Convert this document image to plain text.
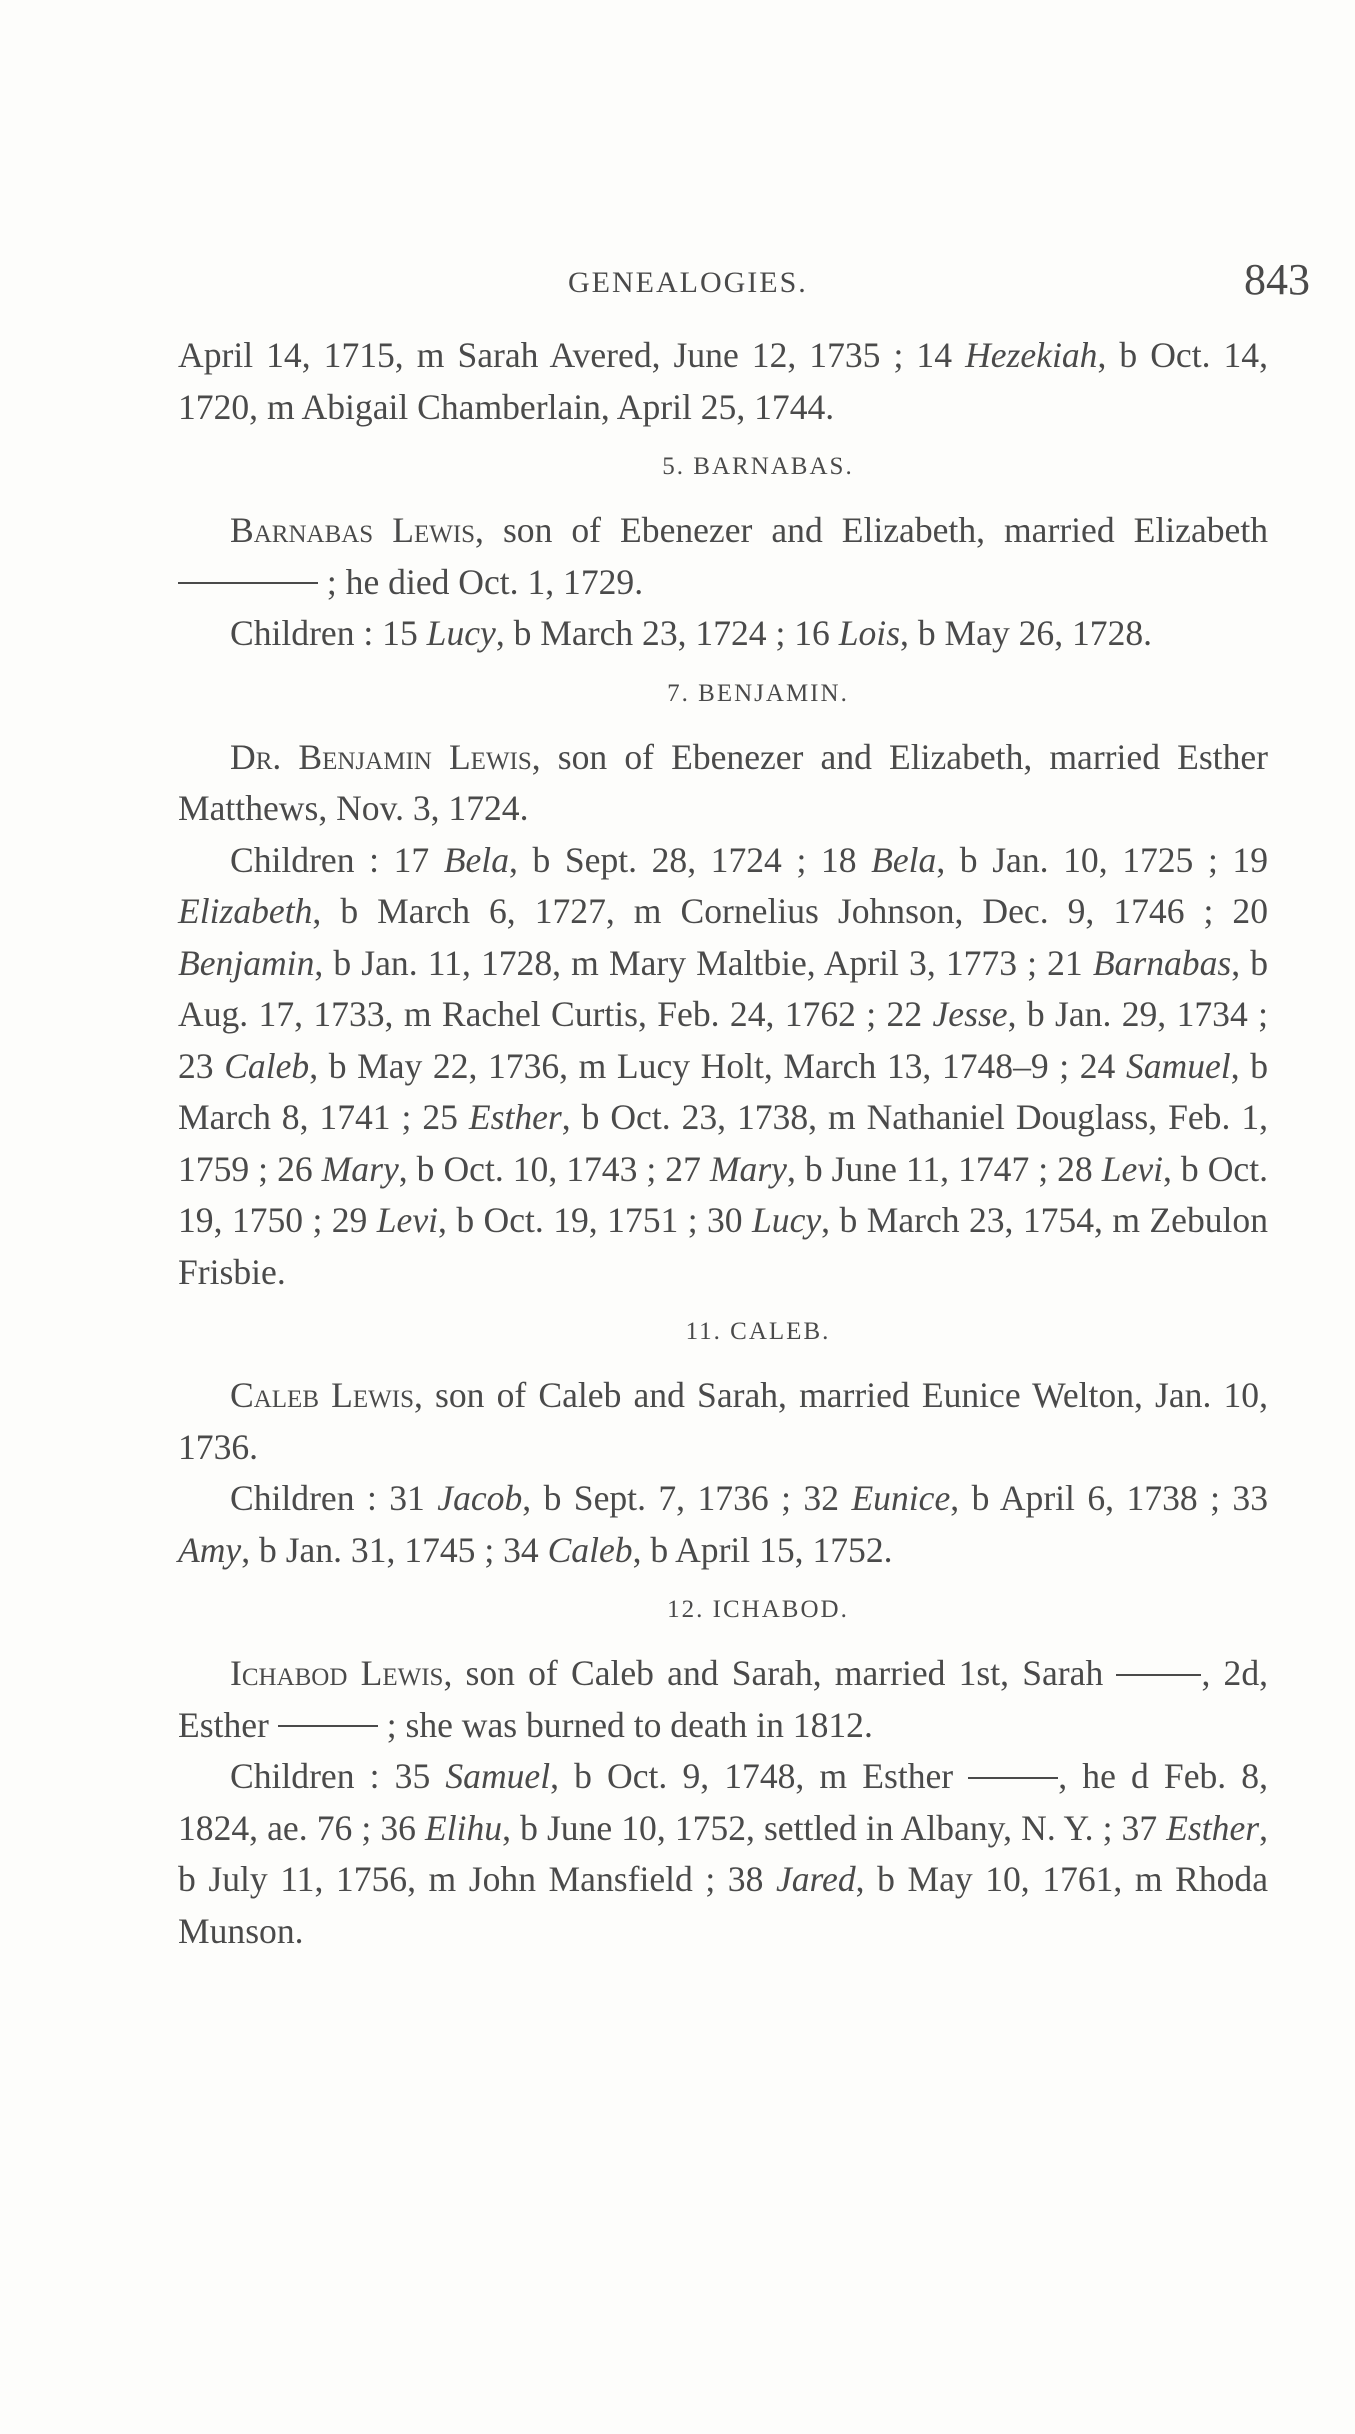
GENEALOGIES.	843

April 14, 1715, m Sarah Avered, June 12, 1735 ; 14 Hezekiah, b Oct. 14, 1720, m Abigail Chamberlain, April 25, 1744.

5. BARNABAS.

Barnabas Lewis, son of Ebenezer and Elizabeth, married Elizabeth  ; he died Oct. 1, 1729.

Children : 15 Lucy, b March 23, 1724 ; 16 Lois, b May 26, 1728.

7. BENJAMIN.

Dr. Benjamin Lewis, son of Ebenezer and Elizabeth, married Esther Matthews, Nov. 3, 1724.

Children : 17 Bela, b Sept. 28, 1724 ; 18 Bela, b Jan. 10, 1725 ; 19 Elizabeth, b March 6, 1727, m Cornelius Johnson, Dec. 9, 1746 ; 20 Benjamin, b Jan. 11, 1728, m Mary Maltbie, April 3, 1773 ; 21 Barnabas, b Aug. 17, 1733, m Rachel Curtis, Feb. 24, 1762 ; 22 Jesse, b Jan. 29, 1734 ; 23 Caleb, b May 22, 1736, m Lucy Holt, March 13, 1748–9 ; 24 Samuel, b March 8, 1741 ; 25 Esther, b Oct. 23, 1738, m Nathaniel Douglass, Feb. 1, 1759 ; 26 Mary, b Oct. 10, 1743 ; 27 Mary, b June 11, 1747 ; 28 Levi, b Oct. 19, 1750 ; 29 Levi, b Oct. 19, 1751 ; 30 Lucy, b March 23, 1754, m Zebulon Frisbie.

11. CALEB.

Caleb Lewis, son of Caleb and Sarah, married Eunice Welton, Jan. 10, 1736.

Children : 31 Jacob, b Sept. 7, 1736 ; 32 Eunice, b April 6, 1738 ; 33 Amy, b Jan. 31, 1745 ; 34 Caleb, b April 15, 1752.

12. ICHABOD.

Ichabod Lewis, son of Caleb and Sarah, married 1st, Sarah , 2d, Esther	; she was burned to death in 1812.

Children : 35 Samuel, b Oct. 9, 1748, m Esther	, he d Feb. 8, 1824, ae. 76 ; 36 Elihu, b June 10, 1752, settled in Albany, N. Y. ; 37 Esther, b July 11, 1756, m John Mansfield ; 38 Jared, b May 10, 1761, m Rhoda Munson.
